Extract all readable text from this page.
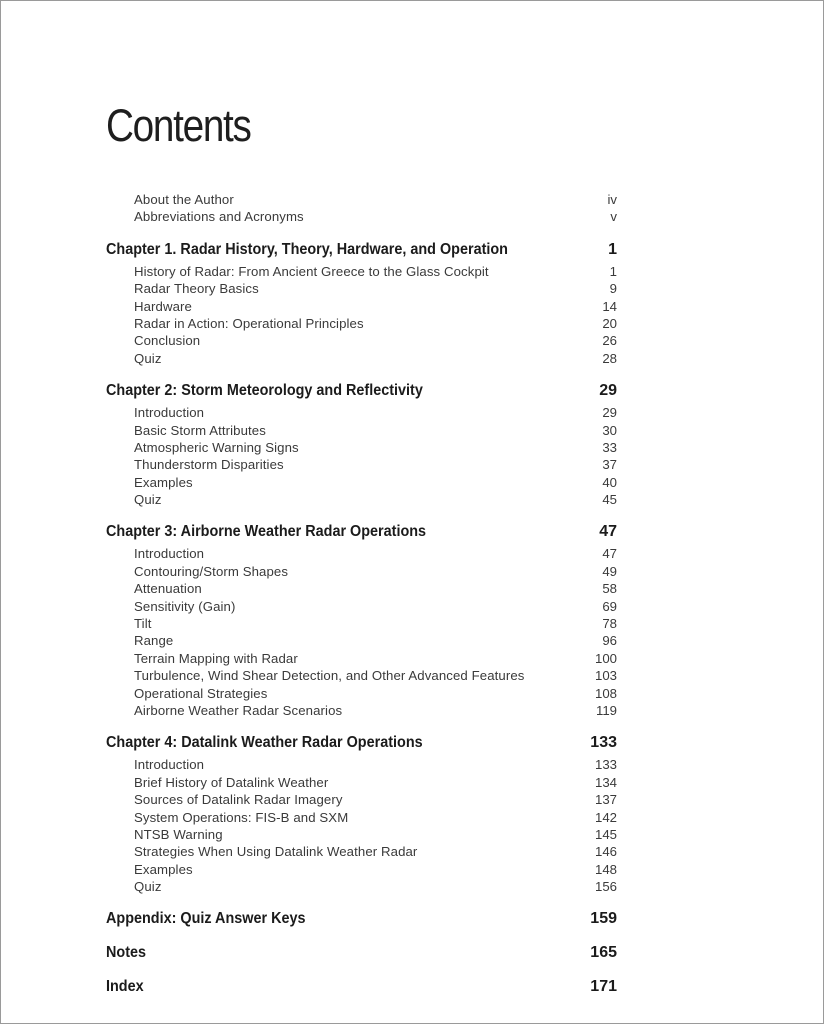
Contents
About the Author	iv
Abbreviations and Acronyms	v
Chapter 1. Radar History, Theory, Hardware, and Operation	1
History of Radar: From Ancient Greece to the Glass Cockpit	1
Radar Theory Basics	9
Hardware	14
Radar in Action: Operational Principles	20
Conclusion	26
Quiz	28
Chapter 2: Storm Meteorology and Reflectivity	29
Introduction	29
Basic Storm Attributes	30
Atmospheric Warning Signs	33
Thunderstorm Disparities	37
Examples	40
Quiz	45
Chapter 3: Airborne Weather Radar Operations	47
Introduction	47
Contouring/Storm Shapes	49
Attenuation	58
Sensitivity (Gain)	69
Tilt	78
Range	96
Terrain Mapping with Radar	100
Turbulence, Wind Shear Detection, and Other Advanced Features	103
Operational Strategies	108
Airborne Weather Radar Scenarios	119
Chapter 4: Datalink Weather Radar Operations	133
Introduction	133
Brief History of Datalink Weather	134
Sources of Datalink Radar Imagery	137
System Operations: FIS-B and SXM	142
NTSB Warning	145
Strategies When Using Datalink Weather Radar	146
Examples	148
Quiz	156
Appendix: Quiz Answer Keys	159
Notes	165
Index	171
